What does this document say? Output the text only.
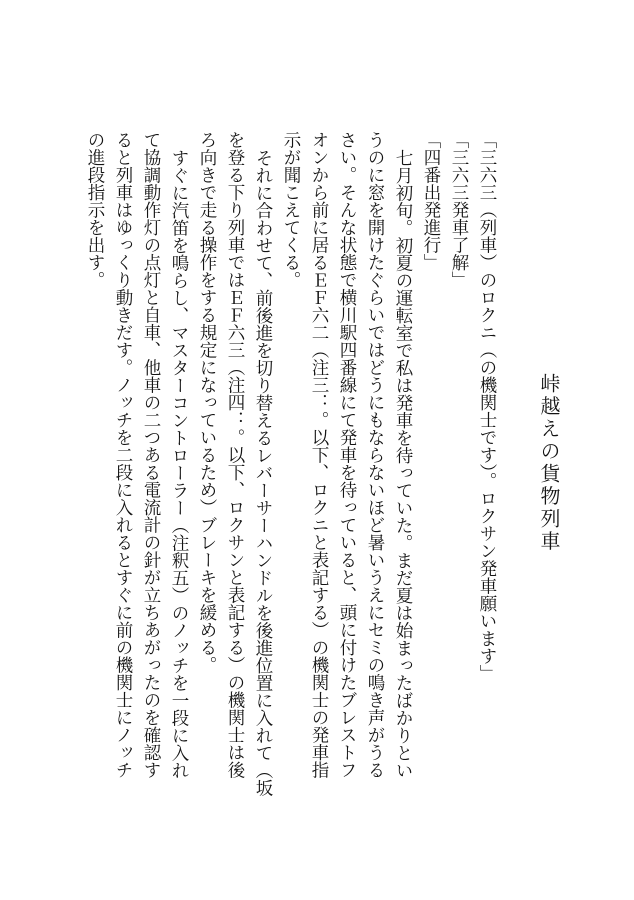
峠越えの貨物列車
「三六三（列車）のロクニ（の機関士です）。ロクサン発車願います」
「三六三発車了解」
「四番出発進行」
七月初旬。初夏の運転室で私は発車を待っていた。まだ夏は始まったばかりとい
うのに窓を開けたぐらいではどうにもならないほど暑いうえにセミの鳴き声がうる
さい。そんな状態で横川駅四番線にて発車を待っていると、頭に付けたブレストフ
オンから前に居るＥＦ六二（注三：。以下、ロクニと表記する）の機関士の発車指
示が聞こえてくる。
それに合わせて、前後進を切り替えるレバーサーハンドルを後進位置に入れて（坂
を登る下り列車ではＥＦ六三（注四：。以下、ロクサンと表記する）の機関士は後
ろ向きで走る操作をする規定になっているため）ブレーキを緩める。
すぐに汽笛を鳴らし、マスターコントローラー（注釈五）のノッチを一段に入れ
て協調動作灯の点灯と自車、他車の二つある電流計の針が立ちあがったのを確認す
ると列車はゆっくり動きだす。ノッチを二段に入れるとすぐに前の機関士にノッチ
の進段指示を出す。
